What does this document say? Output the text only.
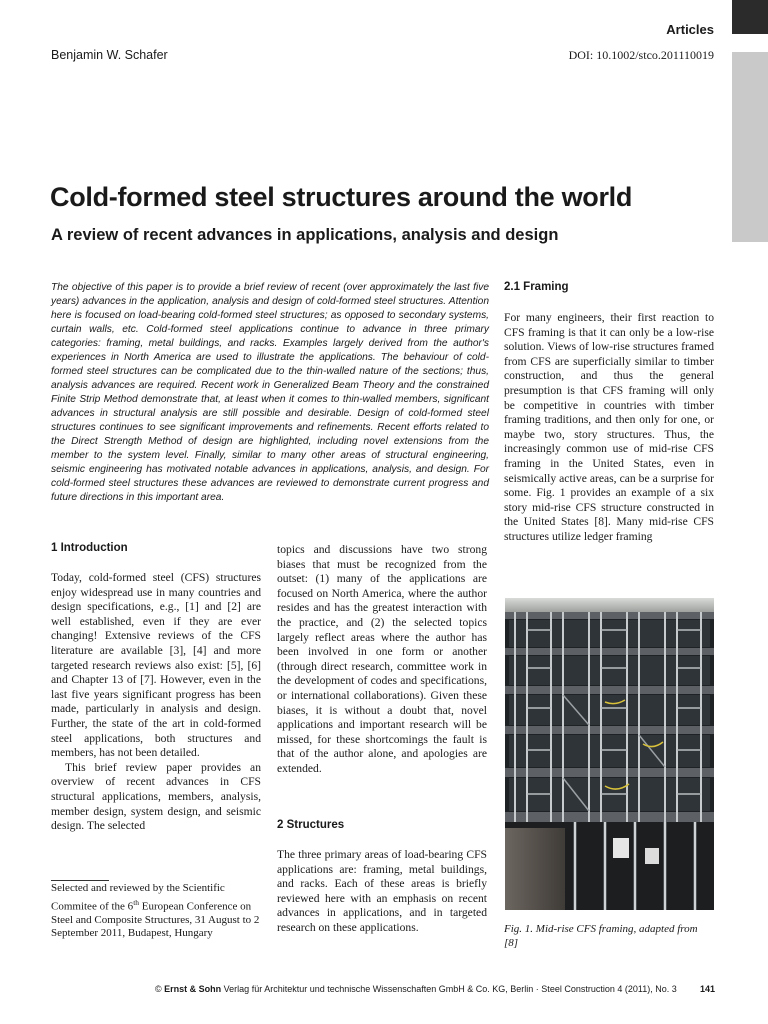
Articles
Benjamin W. Schafer	DOI: 10.1002/stco.201110019
Cold-formed steel structures around the world
A review of recent advances in applications, analysis and design
The objective of this paper is to provide a brief review of recent (over approximately the last five years) advances in the application, analysis and design of cold-formed steel structures. Attention here is focused on load-bearing cold-formed steel structures; as opposed to secondary systems, curtain walls, etc. Cold-formed steel applications continue to advance in three primary categories: framing, metal buildings, and racks. Examples largely derived from the author's experiences in North America are used to illustrate the applications. The behaviour of cold-formed steel structures can be complicated due to the thin-walled nature of the sections; thus, analysis advances are required. Recent work in Generalized Beam Theory and the constrained Finite Strip Method demonstrate that, at least when it comes to thin-walled members, significant advances in structural analysis are still possible and desirable. Design of cold-formed steel structures continues to see significant improvements and refinements. Recent efforts related to the Direct Strength Method of design are highlighted, including novel extensions from the member to the system level. Finally, similar to many other areas of structural engineering, seismic engineering has motivated notable advances in applications, analysis, and design. For cold-formed steel structures these advances are reviewed to demonstrate current progress and future directions in this important area.
1 Introduction

Today, cold-formed steel (CFS) structures enjoy widespread use in many countries and design specifications, e.g., [1] and [2] are well established, even if they are ever changing! Extensive reviews of the CFS literature are available [3], [4] and more targeted research reviews also exist: [5], [6] and Chapter 13 of [7]. However, even in the last five years significant progress has been made, particularly in analysis and design. Further, the state of the art in cold-formed steel applications, both structures and members, has not been detailed.

This brief review paper provides an overview of recent advances in CFS structural applications, members, analysis, member design, system design, and seismic design. The selected

Selected and reviewed by the Scientific Commitee of the 6th European Conference on Steel and Composite Structures, 31 August to 2 September 2011, Budapest, Hungary

topics and discussions have two strong biases that must be recognized from the outset: (1) many of the applications are focused on North America, where the author resides and has the greatest interaction with the practice, and (2) the selected topics largely reflect areas where the author has been involved in one form or another (through direct research, committee work in the development of codes and specifications, or international collaborations). Given these biases, it is without a doubt that, novel applications and important research will be missed, for these shortcomings the fault is that of the author alone, and apologies are extended.

2 Structures

The three primary areas of load-bearing CFS applications are: framing, metal buildings, and racks. Each of these areas is briefly reviewed here with an emphasis on recent advances in applications, and in targeted research on these applications.

2.1 Framing

For many engineers, their first reaction to CFS framing is that it can only be a low-rise solution. Views of low-rise structures framed from CFS are superficially similar to timber construction, and thus the general presumption is that CFS framing will only be competitive in countries with timber framing traditions, and then only for one, or maybe two, story structures. Thus, the increasingly common use of mid-rise CFS framing in the United States, even in seismically active areas, can be a surprise for some. Fig. 1 provides an example of a six story mid-rise CFS structure constructed in the United States [8]. Many mid-rise CFS structures utilize ledger framing

Fig. 1. Mid-rise CFS framing, adapted from [8]
© Ernst & Sohn Verlag für Architektur und technische Wissenschaften GmbH & Co. KG, Berlin · Steel Construction 4 (2011), No. 3	141
